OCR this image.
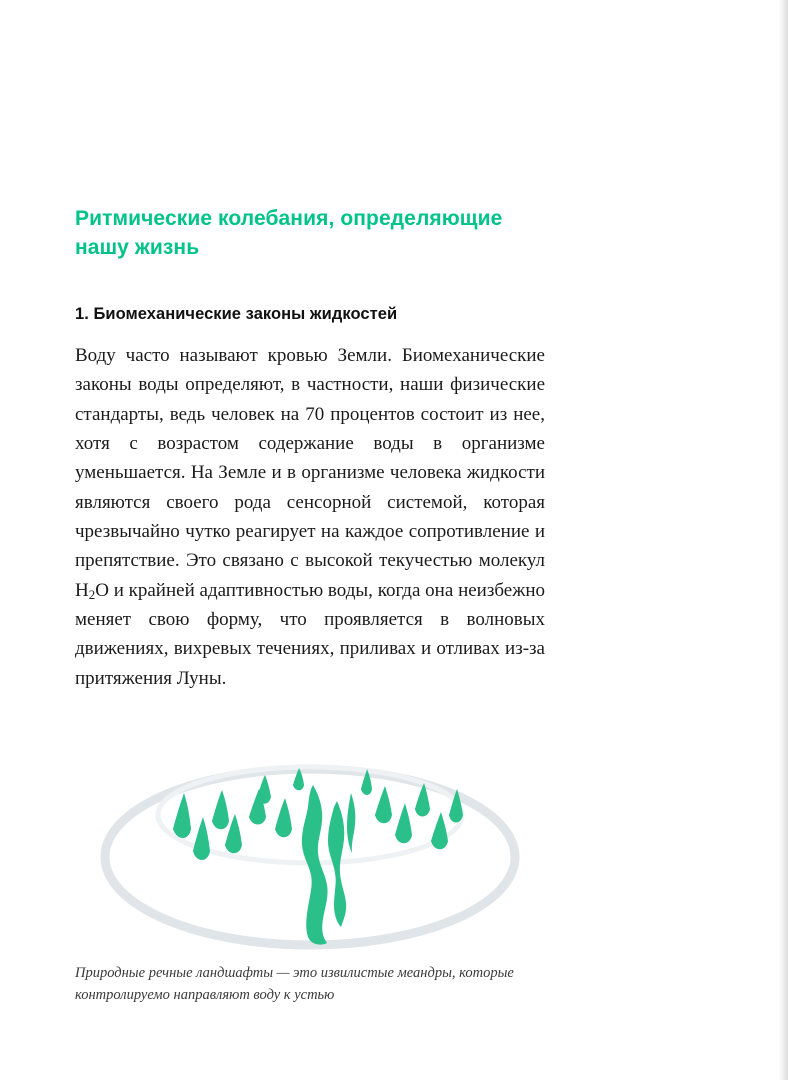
Ритмические колебания, определяющие нашу жизнь
1. Биомеханические законы жидкостей

Воду часто называют кровью Земли. Биомеханические законы воды определяют, в частности, наши физические стандарты, ведь человек на 70 процентов состоит из нее, хотя с возрастом содержание воды в организме уменьшается. На Земле и в организме человека жидкости являются своего рода сенсорной системой, которая чрезвычайно чутко реагирует на каждое сопротивление и препятствие. Это связано с высокой текучестью молекул $H_2O$ и крайней адаптивностью воды, когда она неизбежно меняет свою форму, что проявляется в волновых движениях, вихревых течениях, приливах и отливах из-за притяжения Луны.

Природные речные ландшафты — это извилистые меандры, которые контролируемо направляют воду к устью
